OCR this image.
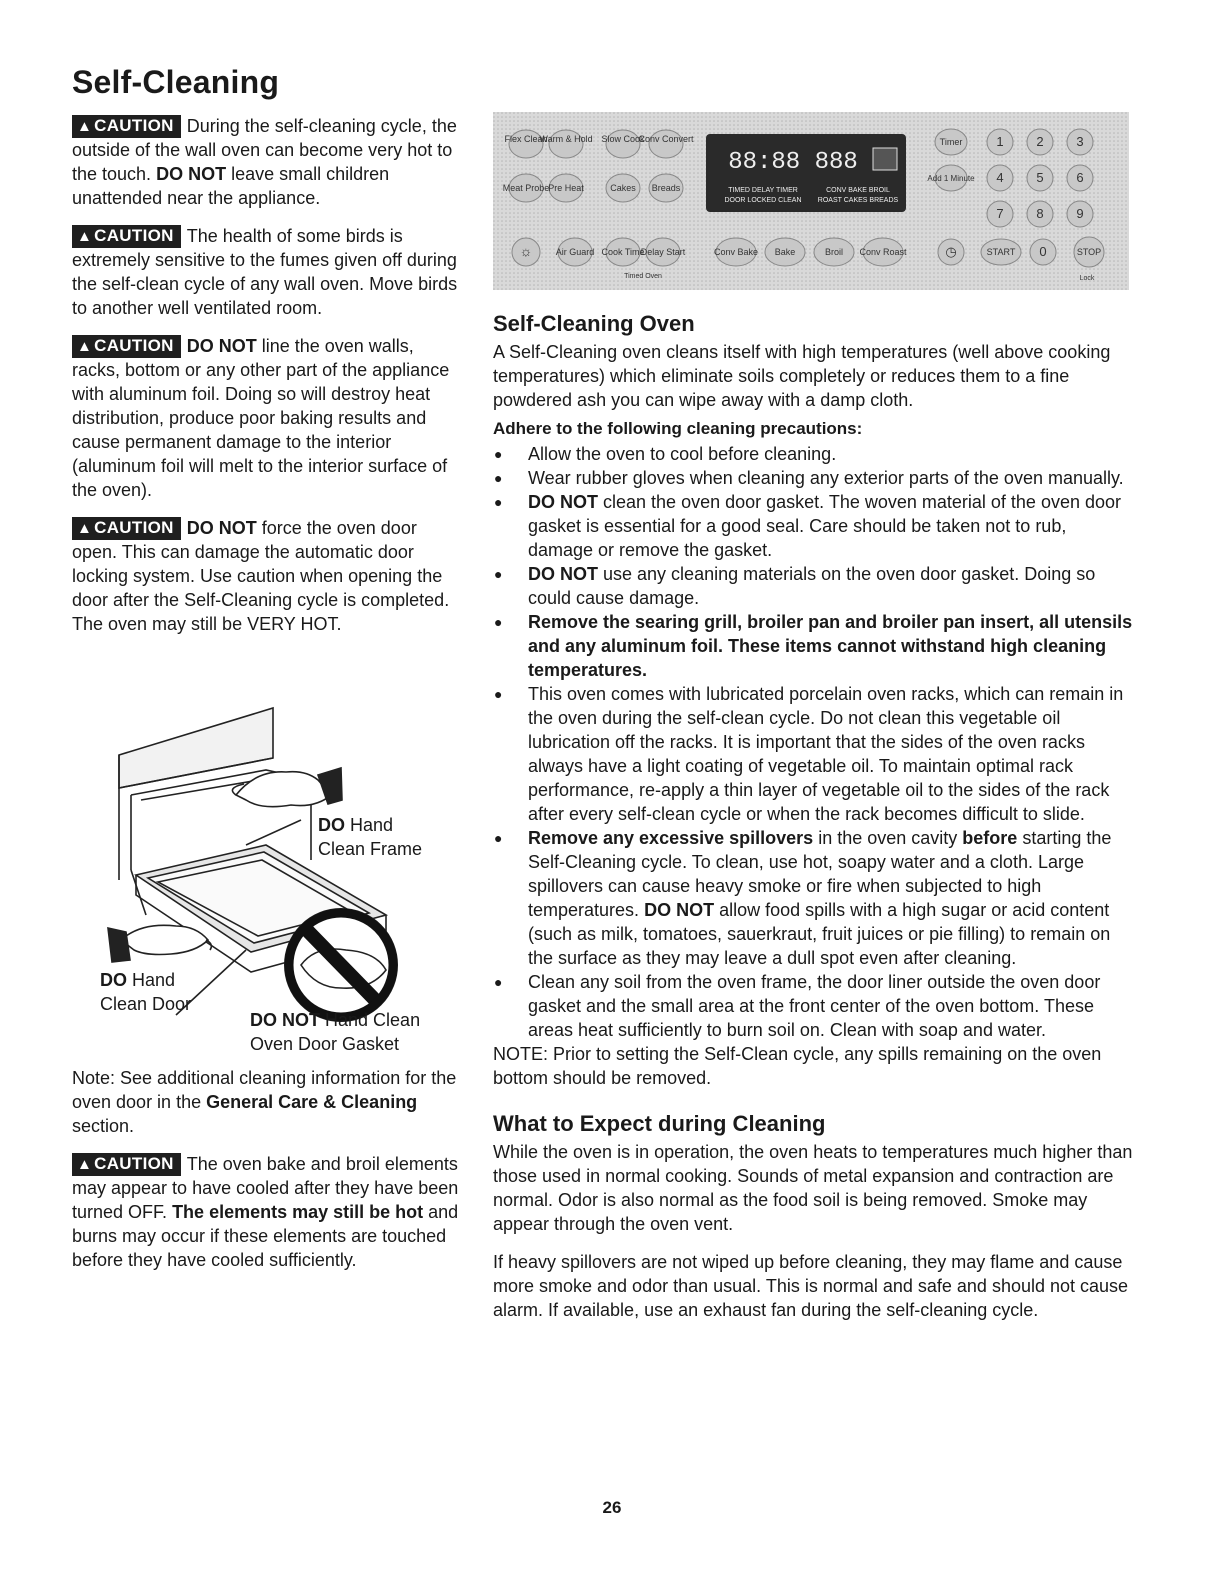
Self-Cleaning

▲ CAUTION During the self-cleaning cycle, the outside of the wall oven can become very hot to the touch. DO NOT leave small children unattended near the appliance.

▲ CAUTION The health of some birds is extremely sensitive to the fumes given off during the self-clean cycle of any wall oven. Move birds to another well ventilated room.

▲ CAUTION DO NOT line the oven walls, racks, bottom or any other part of the appliance with aluminum foil. Doing so will destroy heat distribution, produce poor baking results and cause permanent damage to the interior (aluminum foil will melt to the interior surface of the oven).

▲ CAUTION DO NOT force the oven door open. This can damage the automatic door locking system. Use caution when opening the door after the Self-Cleaning cycle is completed. The oven may still be VERY HOT.

DO Hand
Clean Frame
DO Hand
Clean Door
DO NOT Hand Clean
Oven Door Gasket

Note: See additional cleaning information for the oven door in the General Care & Cleaning section.

▲ CAUTION The oven bake and broil elements may appear to have cooled after they have been turned OFF. The elements may still be hot and burns may occur if these elements are touched before they have cooled sufficiently.

Flex Clean
Warm & Hold Slow Cook
Conv Convert
Meat Probe
Pre Heat	Cakes Breads
88:88 888
TIMED DELAY TIMER	CONV BAKE BROIL
DOOR LOCKED CLEAN ROAST CAKES BREADS
☼	Air Guard Cook Time
Delay Start
Timed Oven
Conv Bake Bake	Broil Conv Roast
Timer
Add 1 Minute
1	2	3
4	5	6
7	8	9
◷	START 0	STOP
Lock
Self-Cleaning Oven

A Self-Cleaning oven cleans itself with high temperatures (well above cooking temperatures) which eliminate soils completely or reduces them to a fine powdered ash you can wipe away with a damp cloth.

Adhere to the following cleaning precautions:
● Allow the oven to cool before cleaning.
● Wear rubber gloves when cleaning any exterior parts of the oven manually.
● DO NOT clean the oven door gasket. The woven material of the oven door gasket is essential for a good seal. Care should be taken not to rub, damage or remove the gasket.
● DO NOT use any cleaning materials on the oven door gasket. Doing so could cause damage.
● Remove the searing grill, broiler pan and broiler pan insert, all utensils and any aluminum foil. These items cannot withstand high cleaning temperatures.
● This oven comes with lubricated porcelain oven racks, which can remain in the oven during the self-clean cycle. Do not clean this vegetable oil lubrication off the racks. It is important that the sides of the oven racks always have a light coating of vegetable oil. To maintain optimal rack performance, re-apply a thin layer of vegetable oil to the sides of the rack after every self-clean cycle or when the rack becomes difficult to slide.
● Remove any excessive spillovers in the oven cavity before starting the Self-Cleaning cycle. To clean, use hot, soapy water and a cloth. Large spillovers can cause heavy smoke or fire when subjected to high temperatures. DO NOT allow food spills with a high sugar or acid content (such as milk, tomatoes, sauerkraut, fruit juices or pie filling) to remain on the surface as they may leave a dull spot even after cleaning.
● Clean any soil from the oven frame, the door liner outside the oven door gasket and the small area at the front center of the oven bottom. These areas heat sufficiently to burn soil on. Clean with soap and water.

NOTE: Prior to setting the Self-Clean cycle, any spills remaining on the oven bottom should be removed.

What to Expect during Cleaning

While the oven is in operation, the oven heats to temperatures much higher than those used in normal cooking. Sounds of metal expansion and contraction are normal. Odor is also normal as the food soil is being removed. Smoke may appear through the oven vent.

If heavy spillovers are not wiped up before cleaning, they may flame and cause more smoke and odor than usual. This is normal and safe and should not cause alarm. If available, use an exhaust fan during the self-cleaning cycle.

26
